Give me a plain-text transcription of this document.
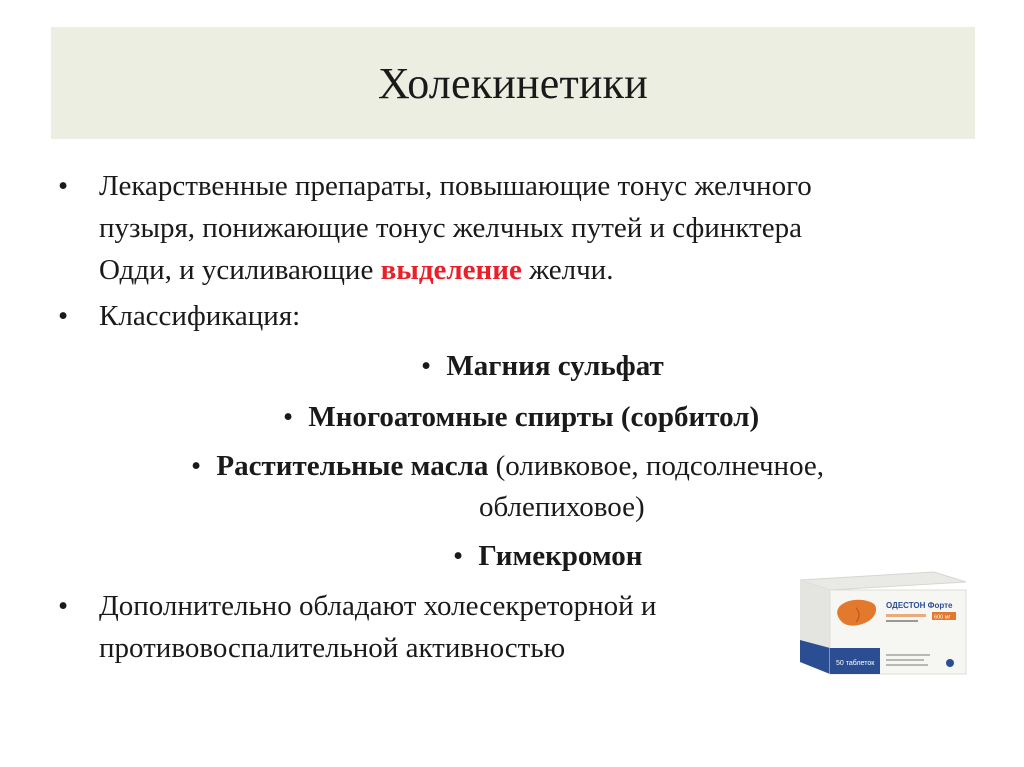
Холекинетики
• Лекарственные препараты, повышающие тонус желчного
пузыря, понижающие тонус желчных путей и сфинктера
Одди, и усиливающие выделение желчи.
• Классификация:
• Магния сульфат
• Многоатомные спирты (сорбитол)
• Растительные масла (оливковое, подсолнечное,
облепиховое)
• Гимекромон
• Дополнительно обладают холесекреторной и
противовоспалительной активностью	50 таблеток
ОДЕСТОН Форте
600 мг
